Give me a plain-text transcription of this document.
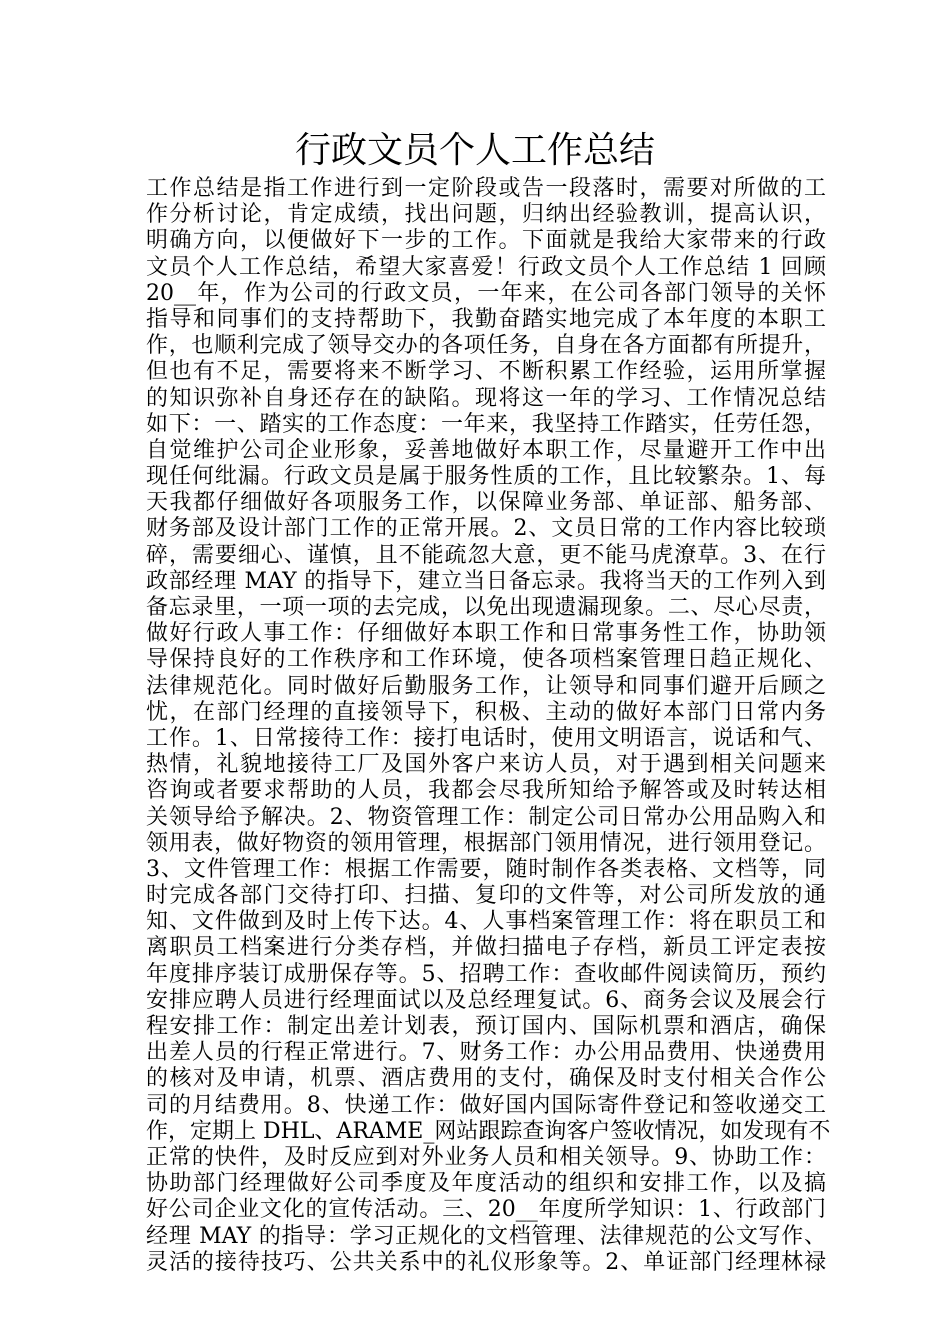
行政文员个人工作总结
工作总结是指工作进行到一定阶段或告一段落时，需要对所做的工
作分析讨论，肯定成绩，找出问题，归纳出经验教训，提高认识，
明确方向，以便做好下一步的工作。下面就是我给大家带来的行政
文员个人工作总结，希望大家喜爱！行政文员个人工作总结 1 回顾
20__年，作为公司的行政文员，一年来，在公司各部门领导的关怀
指导和同事们的支持帮助下，我勤奋踏实地完成了本年度的本职工
作，也顺利完成了领导交办的各项任务，自身在各方面都有所提升，
但也有不足，需要将来不断学习、不断积累工作经验，运用所掌握
的知识弥补自身还存在的缺陷。现将这一年的学习、工作情况总结
如下：一、踏实的工作态度：一年来，我坚持工作踏实，任劳任怨，
自觉维护公司企业形象，妥善地做好本职工作，尽量避开工作中出
现任何纰漏。行政文员是属于服务性质的工作，且比较繁杂。1、每
天我都仔细做好各项服务工作，以保障业务部、单证部、船务部、
财务部及设计部门工作的正常开展。2、文员日常的工作内容比较琐
碎，需要细心、谨慎，且不能疏忽大意，更不能马虎潦草。3、在行
政部经理 MAY 的指导下，建立当日备忘录。我将当天的工作列入到
备忘录里，一项一项的去完成，以免出现遗漏现象。二、尽心尽责，
做好行政人事工作：仔细做好本职工作和日常事务性工作，协助领
导保持良好的工作秩序和工作环境，使各项档案管理日趋正规化、
法律规范化。同时做好后勤服务工作，让领导和同事们避开后顾之
忧，在部门经理的直接领导下，积极、主动的做好本部门日常内务
工作。1、日常接待工作：接打电话时，使用文明语言，说话和气、
热情，礼貌地接待工厂及国外客户来访人员，对于遇到相关问题来
咨询或者要求帮助的人员，我都会尽我所知给予解答或及时转达相
关领导给予解决。2、物资管理工作：制定公司日常办公用品购入和
领用表，做好物资的领用管理，根据部门领用情况，进行领用登记。
3、文件管理工作：根据工作需要，随时制作各类表格、文档等，同
时完成各部门交待打印、扫描、复印的文件等，对公司所发放的通
知、文件做到及时上传下达。4、人事档案管理工作：将在职员工和
离职员工档案进行分类存档，并做扫描电子存档，新员工评定表按
年度排序装订成册保存等。5、招聘工作：查收邮件阅读简历，预约
安排应聘人员进行经理面试以及总经理复试。6、商务会议及展会行
程安排工作：制定出差计划表，预订国内、国际机票和酒店，确保
出差人员的行程正常进行。7、财务工作：办公用品费用、快递费用
的核对及申请，机票、酒店费用的支付，确保及时支付相关合作公
司的月结费用。8、快递工作：做好国内国际寄件登记和签收递交工
作，定期上 DHL、ARAME_网站跟踪查询客户签收情况，如发现有不
正常的快件，及时反应到对外业务人员和相关领导。9、协助工作：
协助部门经理做好公司季度及年度活动的组织和安排工作，以及搞
好公司企业文化的宣传活动。三、20__年度所学知识：1、行政部门
经理 MAY 的指导：学习正规化的文档管理、法律规范的公文写作、
灵活的接待技巧、公共关系中的礼仪形象等。2、单证部门经理林禄
